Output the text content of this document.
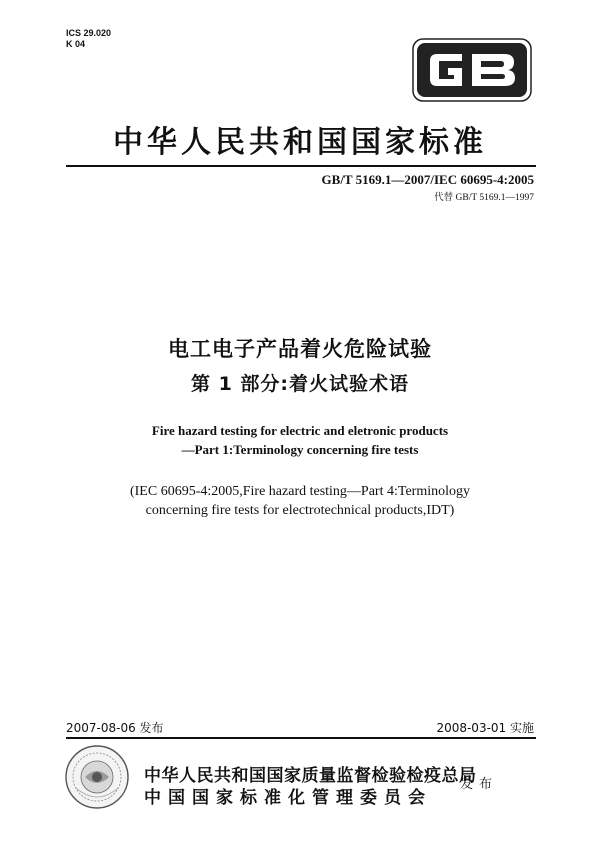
ICS 29.020
K 04
中华人民共和国国家标准
GB/T 5169.1—2007/IEC 60695-4:2005
代替 GB/T 5169.1—1997
电工电子产品着火危险试验
第 1 部分:着火试验术语
Fire hazard testing for electric and eletronic products
—Part 1:Terminology concerning fire tests
(IEC 60695-4:2005,Fire hazard testing—Part 4:Terminology
concerning fire tests for electrotechnical products,IDT)
2007-08-06 发布	2008-03-01 实施
中华人民共和国国家质量监督检验检疫总局
中国国家标准化管理委员会
发布
